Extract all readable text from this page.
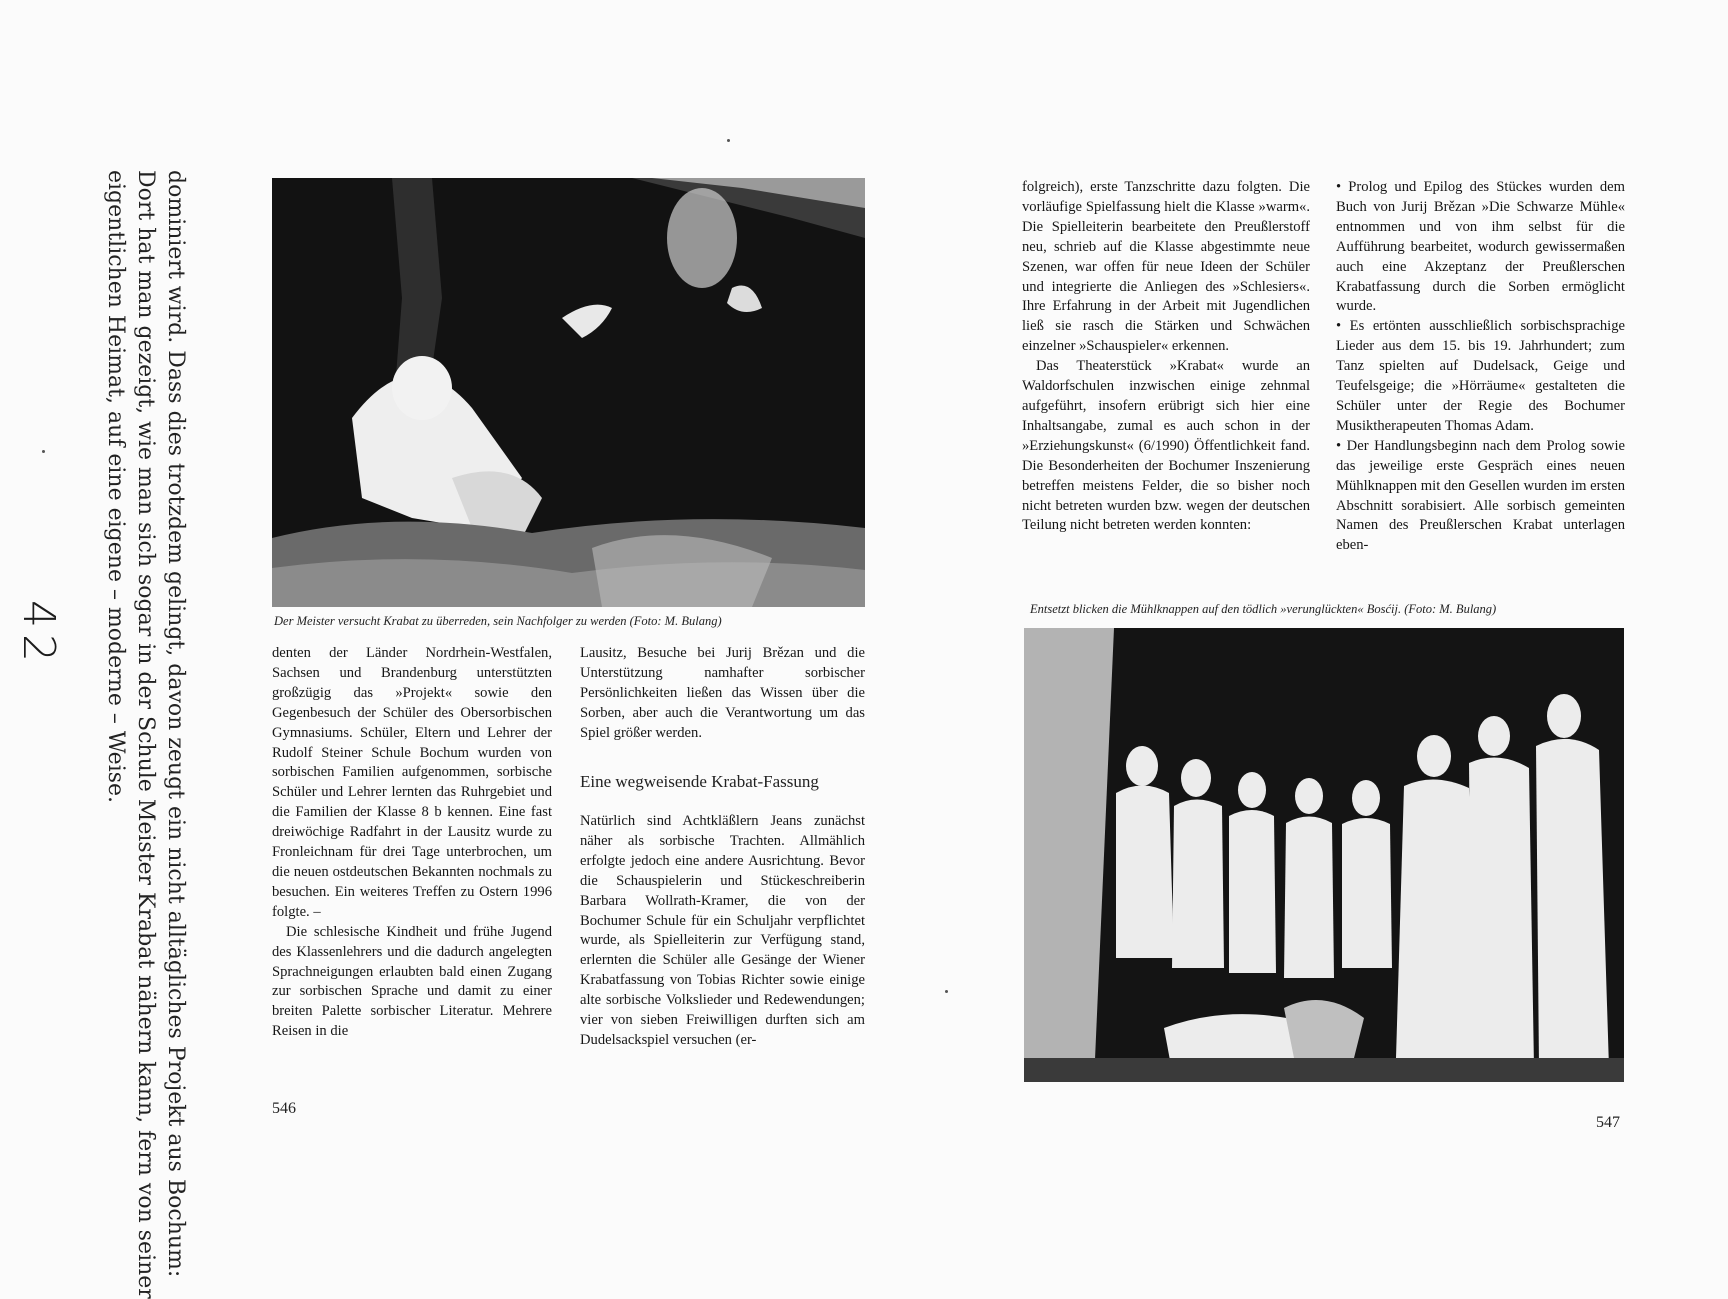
dominiert wird. Dass dies trotzdem gelingt, davon zeugt ein nicht alltägliches Projekt aus Bochum:
Dort hat man gezeigt, wie man sich sogar in der Schule Meister Krabat nähern kann, fern von seiner
eigentlichen Heimat, auf eine eigene – moderne – Weise.
42	Der Meister versucht Krabat zu überreden, sein Nachfolger zu werden (Foto: M. Bulang)

denten der Länder Nordrhein-Westfalen, Sachsen und Brandenburg unterstützten großzügig das »Projekt« sowie den Gegenbesuch der Schüler des Obersorbischen Gymnasiums. Schüler, Eltern und Lehrer der Rudolf Steiner Schule Bochum wurden von sorbischen Familien aufgenommen, sorbische Schüler und Lehrer lernten das Ruhrgebiet und die Familien der Klasse 8 b kennen. Eine fast dreiwöchige Radfahrt in der Lausitz wurde zu Fronleichnam für drei Tage unterbrochen, um die neuen ostdeutschen Bekannten nochmals zu besuchen. Ein weiteres Treffen zu Ostern 1996 folgte. –

Die schlesische Kindheit und frühe Jugend des Klassenlehrers und die dadurch angelegten Sprachneigungen erlaubten bald einen Zugang zur sorbischen Sprache und damit zu einer breiten Palette sorbischer Literatur. Mehrere Reisen in die

Lausitz, Besuche bei Jurij Brězan und die Unterstützung namhafter sorbischer Persönlichkeiten ließen das Wissen über die Sorben, aber auch die Verantwortung um das Spiel größer werden.

Eine wegweisende Krabat-Fassung

Natürlich sind Achtkläßlern Jeans zunächst näher als sorbische Trachten. Allmählich erfolgte jedoch eine andere Ausrichtung. Bevor die Schauspielerin und Stückeschreiberin Barbara Wollrath-Kramer, die von der Bochumer Schule für ein Schuljahr verpflichtet wurde, als Spielleiterin zur Verfügung stand, erlernten die Schüler alle Gesänge der Wiener Krabatfassung von Tobias Richter sowie einige alte sorbische Volkslieder und Redewendungen; vier von sieben Freiwilligen durften sich am Dudelsackspiel versuchen (er-

546

folgreich), erste Tanzschritte dazu folgten. Die vorläufige Spielfassung hielt die Klasse »warm«. Die Spielleiterin bearbeitete den Preußlerstoff neu, schrieb auf die Klasse abgestimmte neue Szenen, war offen für neue Ideen der Schüler und integrierte die Anliegen des »Schlesiers«. Ihre Erfahrung in der Arbeit mit Jugendlichen ließ sie rasch die Stärken und Schwächen einzelner »Schauspieler« erkennen.

Das Theaterstück »Krabat« wurde an Waldorfschulen inzwischen einige zehnmal aufgeführt, insofern erübrigt sich hier eine Inhaltsangabe, zumal es auch schon in der »Erziehungskunst« (6/1990) Öffentlichkeit fand. Die Besonderheiten der Bochumer Inszenierung betreffen meistens Felder, die so bisher noch nicht betreten wurden bzw. wegen der deutschen Teilung nicht betreten werden konnten:

• Prolog und Epilog des Stückes wurden dem Buch von Jurij Brězan »Die Schwarze Mühle« entnommen und von ihm selbst für die Aufführung bearbeitet, wodurch gewissermaßen auch eine Akzeptanz der Preußlerschen Krabatfassung durch die Sorben ermöglicht wurde.

• Es ertönten ausschließlich sorbischsprachige Lieder aus dem 15. bis 19. Jahrhundert; zum Tanz spielten auf Dudelsack, Geige und Teufelsgeige; die »Hörräume« gestalteten die Schüler unter der Regie des Bochumer Musiktherapeuten Thomas Adam.

• Der Handlungsbeginn nach dem Prolog sowie das jeweilige erste Gespräch eines neuen Mühlknappen mit den Gesellen wurden im ersten Abschnitt sorabisiert. Alle sorbisch gemeinten Namen des Preußlerschen Krabat unterlagen eben-

Entsetzt blicken die Mühlknappen auf den tödlich »verunglückten« Bosćij. (Foto: M. Bulang)
547
